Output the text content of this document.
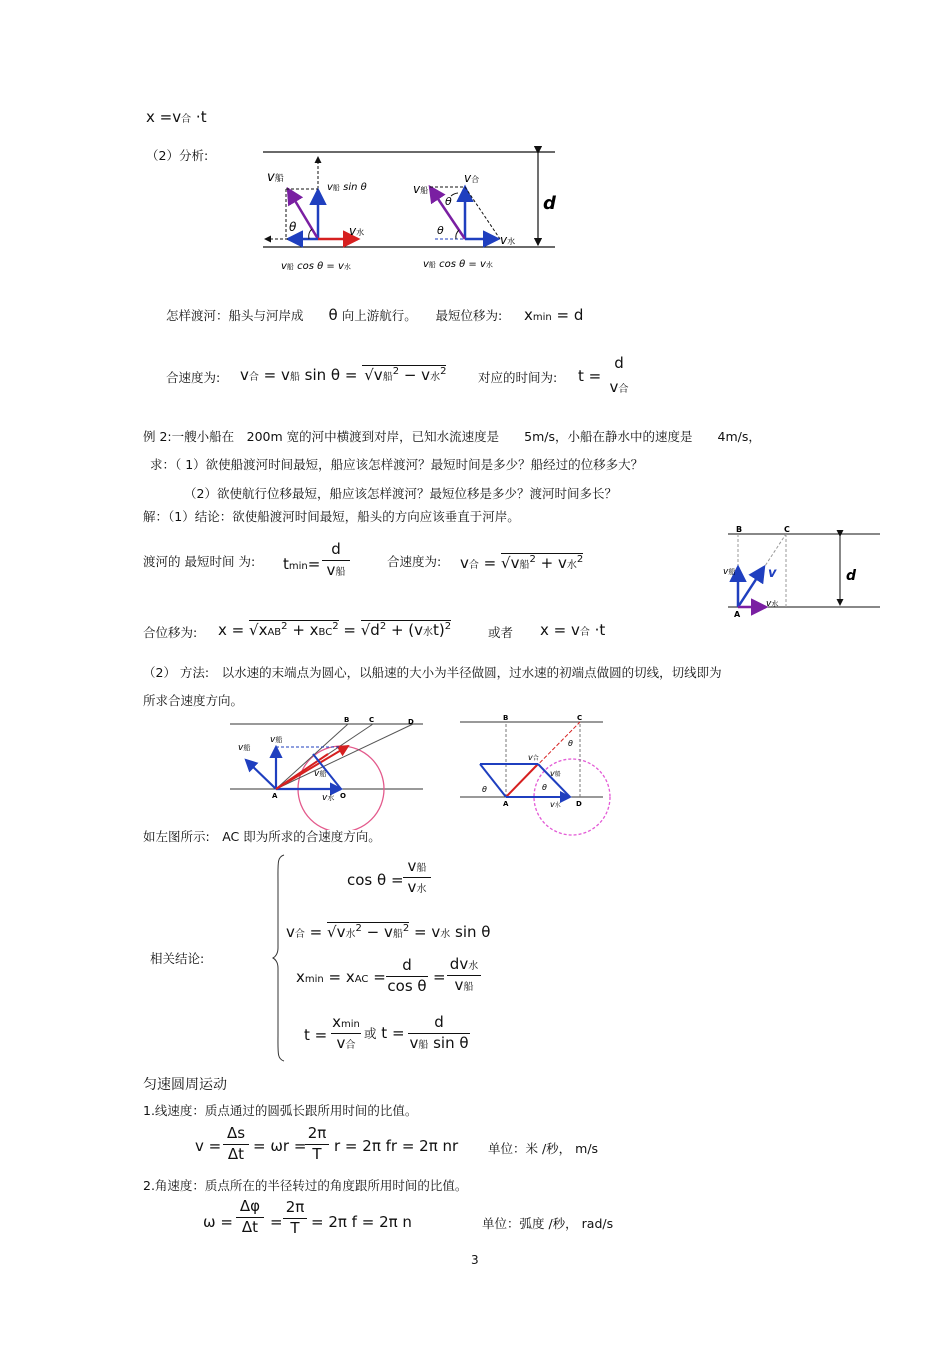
x =v合 ·t
（2）分析:
d
v船
v船 sin θ
θ	v水
v船 cos θ = v水
v合
v船
θ
θ
v水
v船 cos θ = v水
怎样渡河：船头与河岸成　　 θ 向上游航行。　　 最短位移为: xmin = d
合速度为: v合 = v船 sin θ = √v船$^2$ − v水$^2$	对应的时间为: t =
d
v合
例 2:一艘小船在　200m 宽的河中横渡到对岸，已知水流速度是　　5m/s，小船在静水中的速度是　　4m/s，
求：（ 1）欲使船渡河时间最短，船应该怎样渡河？最短时间是多少？船经过的位移多大？
（2）欲使航行位移最短，船应该怎样渡河？最短位移是多少？渡河时间多长？
解：（1）结论：欲使船渡河时间最短，船头的方向应该垂直于河岸。
渡河的 最短时间 为: tmin=
d
v船
合速度为: v合 = √v船$^2$ + v水$^2$
B	C
A
v
v船
v水
d
合位移为: $x = √xAB^2 + xBC^2 = √d^2 + (v$水t)$^2$	或者 x = v合 ·t
（2） 方法:　以水速的末端点为圆心，以船速的大小为半径做圆，过水速的初端点做圆的切线，切线即为
所求合速度方向。
B	C	D
A	O
v船
v船
v船
v水
B	C
A	D
θ
θ	θ
v合
v船
v水
如左图所示:　AC 即为所求的合速度方向。
相关结论:
cos θ =
v船
v水
v合 = √v水$^2$ − v船$^2$ = v水 sin θ
xmin = xAC =
d
cos θ =
dv水
v船
t =
xmin
v合
或 t =
d
v船 sin θ
匀速圆周运动
1.线速度：质点通过的圆弧长跟所用时间的比值。
v =
Δs
Δt = ωr =
2π
T r = 2π fr = 2π nr 单位：米 /秒， m/s
2.角速度：质点所在的半径转过的角度跟所用时间的比值。
ω =
Δφ
Δt =
2π
T = 2π f = 2π n	单位：弧度 /秒， rad/s
3
